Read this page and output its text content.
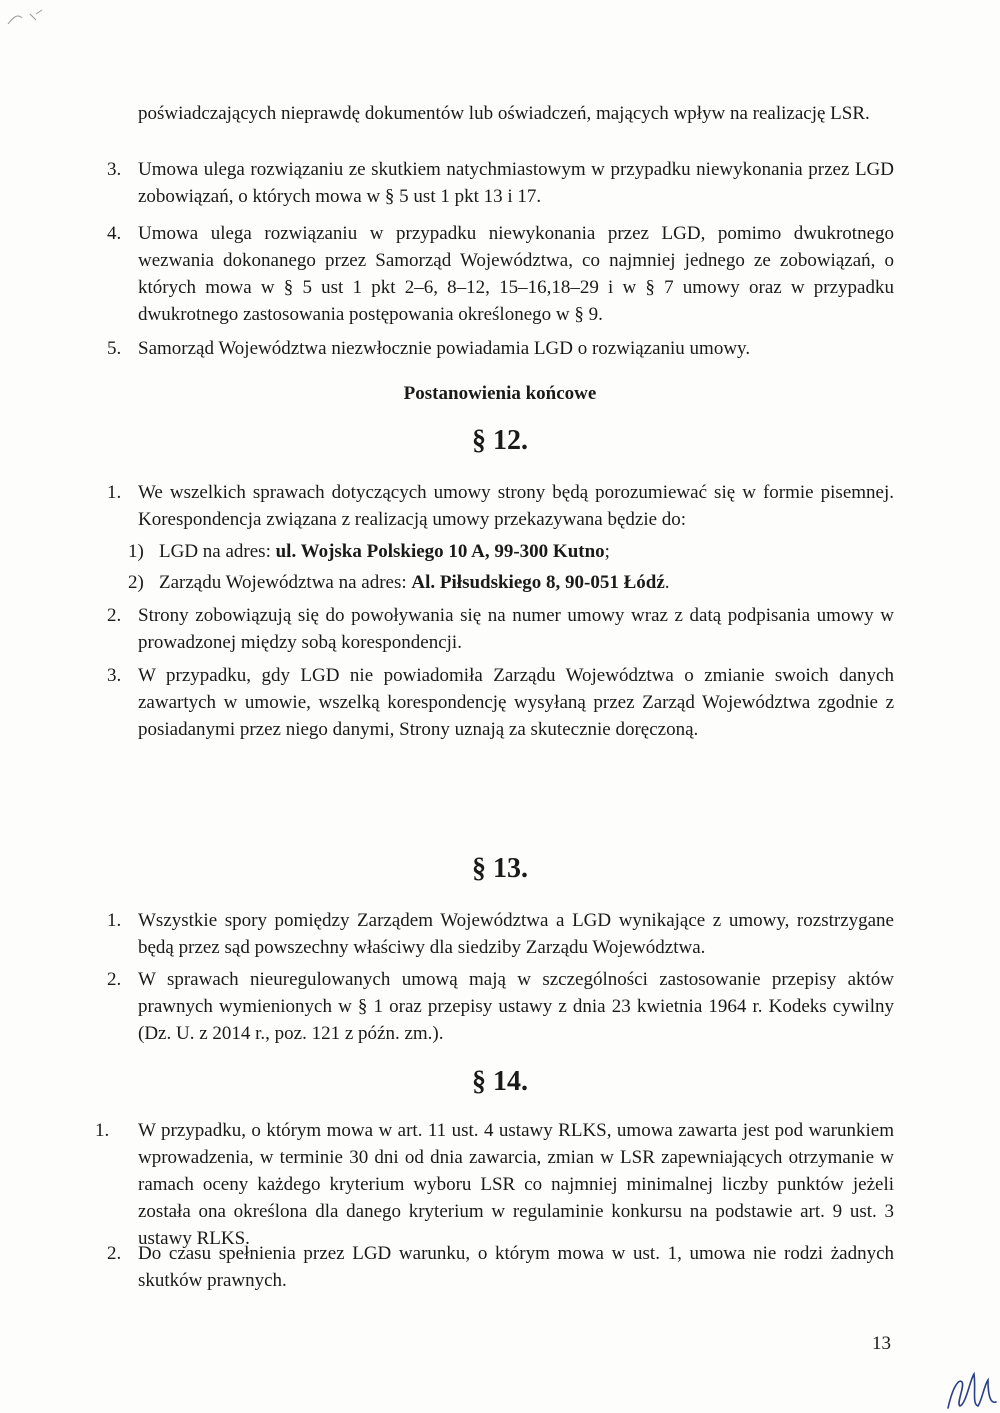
poświadczających nieprawdę dokumentów lub oświadczeń, mających wpływ na realizację LSR.

3. Umowa ulega rozwiązaniu ze skutkiem natychmiastowym w przypadku niewykonania przez LGD zobowiązań, o których mowa w § 5 ust 1 pkt 13 i 17.

4. Umowa ulega rozwiązaniu w przypadku niewykonania przez LGD, pomimo dwukrotnego wezwania dokonanego przez Samorząd Województwa, co najmniej jednego ze zobowiązań, o których mowa w § 5 ust 1 pkt 2–6, 8–12, 15–16,18–29 i w § 7 umowy oraz w przypadku dwukrotnego zastosowania postępowania określonego w § 9.

5. Samorząd Województwa niezwłocznie powiadamia LGD o rozwiązaniu umowy.

Postanowienia końcowe
§ 12.
1. We wszelkich sprawach dotyczących umowy strony będą porozumiewać się w formie pisemnej. Korespondencja związana z realizacją umowy przekazywana będzie do:

1) LGD na adres: ul. Wojska Polskiego 10 A, 99-300 Kutno;

2) Zarządu Województwa na adres: Al. Piłsudskiego 8, 90-051 Łódź.

2. Strony zobowiązują się do powoływania się na numer umowy wraz z datą podpisania umowy w prowadzonej między sobą korespondencji.

3. W przypadku, gdy LGD nie powiadomiła Zarządu Województwa o zmianie swoich danych zawartych w umowie, wszelką korespondencję wysyłaną przez Zarząd Województwa zgodnie z posiadanymi przez niego danymi, Strony uznają za skutecznie doręczoną.

§ 13.
1. Wszystkie spory pomiędzy Zarządem Województwa a LGD wynikające z umowy, rozstrzygane będą przez sąd powszechny właściwy dla siedziby Zarządu Województwa.

2. W sprawach nieuregulowanych umową mają w szczególności zastosowanie przepisy aktów prawnych wymienionych w § 1 oraz przepisy ustawy z dnia 23 kwietnia 1964 r. Kodeks cywilny (Dz. U. z 2014 r., poz. 121 z późn. zm.).

§ 14.
1. W przypadku, o którym mowa w art. 11 ust. 4 ustawy RLKS, umowa zawarta jest pod warunkiem wprowadzenia, w terminie 30 dni od dnia zawarcia, zmian w LSR zapewniających otrzymanie w ramach oceny każdego kryterium wyboru LSR co najmniej minimalnej liczby punktów jeżeli została ona określona dla danego kryterium w regulaminie konkursu na podstawie art. 9 ust. 3 ustawy RLKS.

2. Do czasu spełnienia przez LGD warunku, o którym mowa w ust. 1, umowa nie rodzi żadnych skutków prawnych.

13
